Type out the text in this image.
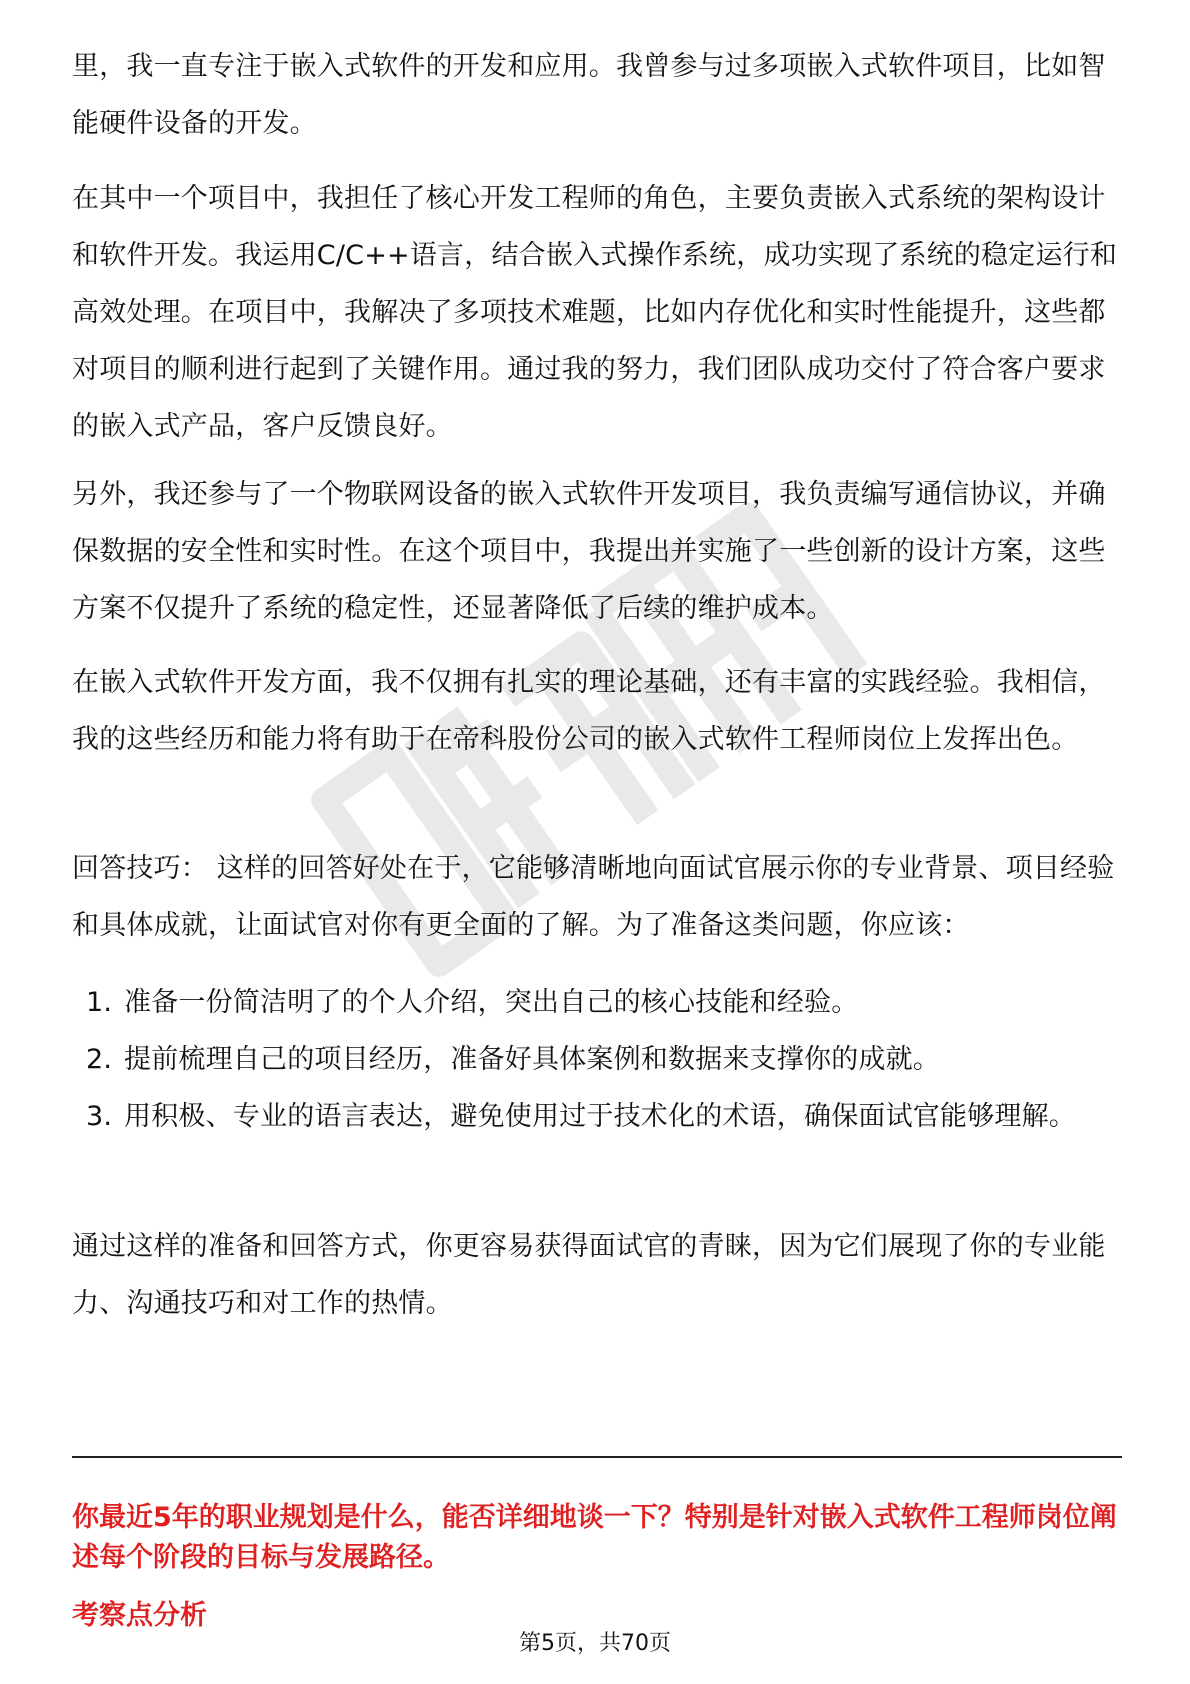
里，我一直专注于嵌入式软件的开发和应用。我曾参与过多项嵌入式软件项目，比如智能硬件设备的开发。

在其中一个项目中，我担任了核心开发工程师的角色，主要负责嵌入式系统的架构设计和软件开发。我运用C/C++语言，结合嵌入式操作系统，成功实现了系统的稳定运行和高效处理。在项目中，我解决了多项技术难题，比如内存优化和实时性能提升，这些都对项目的顺利进行起到了关键作用。通过我的努力，我们团队成功交付了符合客户要求的嵌入式产品，客户反馈良好。

另外，我还参与了一个物联网设备的嵌入式软件开发项目，我负责编写通信协议，并确保数据的安全性和实时性。在这个项目中，我提出并实施了一些创新的设计方案，这些方案不仅提升了系统的稳定性，还显著降低了后续的维护成本。

在嵌入式软件开发方面，我不仅拥有扎实的理论基础，还有丰富的实践经验。我相信，我的这些经历和能力将有助于在帝科股份公司的嵌入式软件工程师岗位上发挥出色。

回答技巧： 这样的回答好处在于，它能够清晰地向面试官展示你的专业背景、项目经验和具体成就，让面试官对你有更全面的了解。为了准备这类问题，你应该：

1. 准备一份简洁明了的个人介绍，突出自己的核心技能和经验。
2. 提前梳理自己的项目经历，准备好具体案例和数据来支撑你的成就。
3. 用积极、专业的语言表达，避免使用过于技术化的术语，确保面试官能够理解。

通过这样的准备和回答方式，你更容易获得面试官的青睐，因为它们展现了你的专业能力、沟通技巧和对工作的热情。

你最近5年的职业规划是什么，能否详细地谈一下？特别是针对嵌入式软件工程师岗位阐述每个阶段的目标与发展路径。

考察点分析

第5页，共70页
